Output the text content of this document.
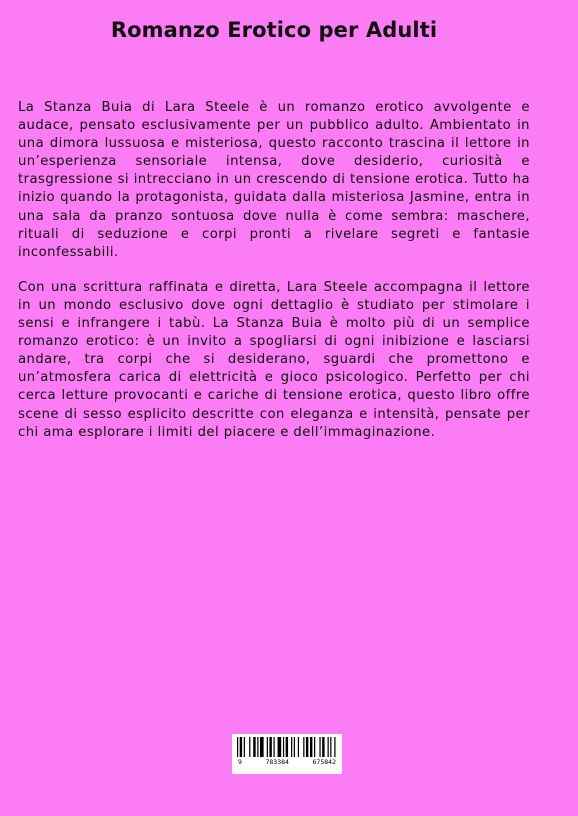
Romanzo Erotico per Adulti

La Stanza Buia di Lara Steele è un romanzo erotico avvolgente e audace, pensato esclusivamente per un pubblico adulto. Ambientato in una dimora lussuosa e misteriosa, questo racconto trascina il lettore in un’esperienza sensoriale intensa, dove desiderio, curiosità e trasgressione si intrecciano in un crescendo di tensione erotica. Tutto ha inizio quando la protagonista, guidata dalla misteriosa Jasmine, entra in una sala da pranzo sontuosa dove nulla è come sembra: maschere, rituali di seduzione e corpi pronti a rivelare segreti e fantasie inconfessabili.

Con una scrittura raffinata e diretta, Lara Steele accompagna il lettore in un mondo esclusivo dove ogni dettaglio è studiato per stimolare i sensi e infrangere i tabù. La Stanza Buia è molto più di un semplice romanzo erotico: è un invito a spogliarsi di ogni inibizione e lasciarsi andare, tra corpi che si desiderano, sguardi che promettono e un’atmosfera carica di elettricità e gioco psicologico. Perfetto per chi cerca letture provocanti e cariche di tensione erotica, questo libro offre scene di sesso esplicito descritte con eleganza e intensità, pensate per chi ama esplorare i limiti del piacere e dell’immaginazione.

9	783384	675842
